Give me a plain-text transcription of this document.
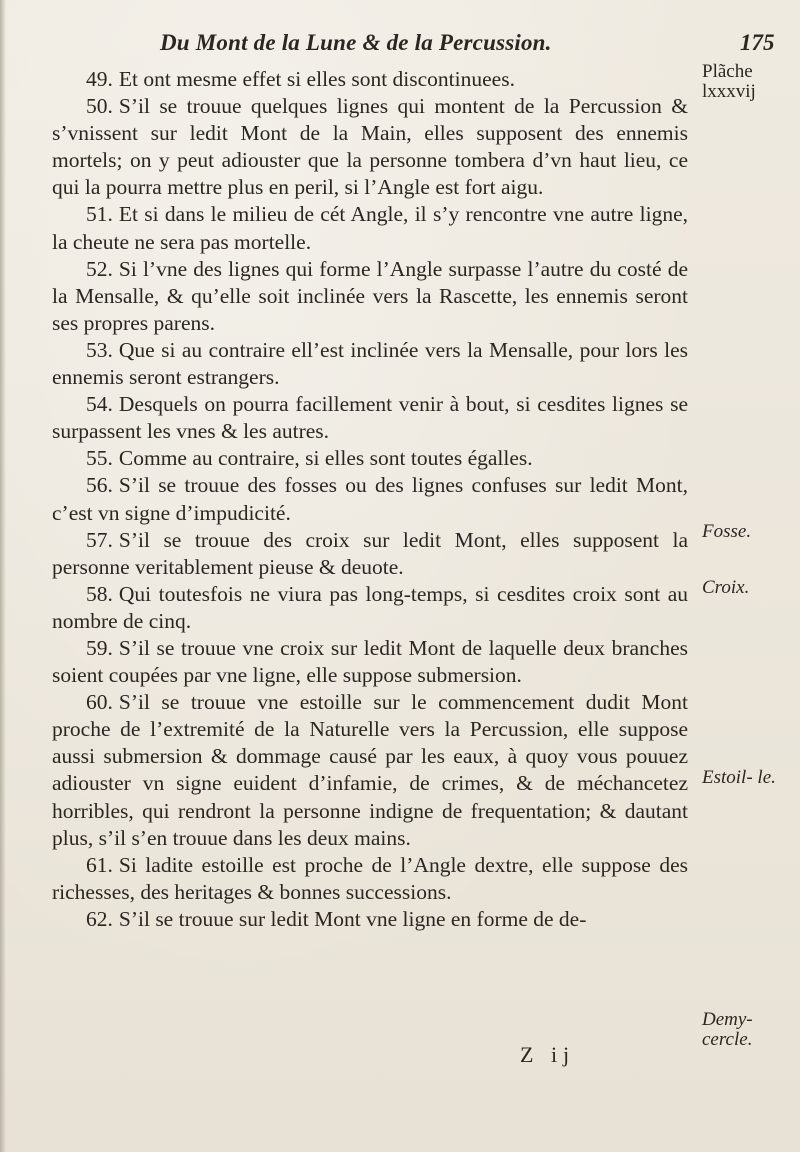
Du Mont de la Lune & de la Percussion.	175

49. Et ont mesme effet si elles sont discontinuees.

50. S’il se trouue quelques lignes qui montent de la Percussion & s’vnissent sur ledit Mont de la Main, elles supposent des ennemis mortels; on y peut adiouster que la personne tombera d’vn haut lieu, ce qui la pourra mettre plus en peril, si l’Angle est fort aigu.

51. Et si dans le milieu de cét Angle, il s’y rencontre vne autre ligne, la cheute ne sera pas mortelle.

52. Si l’vne des lignes qui forme l’Angle surpasse l’autre du costé de la Mensalle, & qu’elle soit inclinée vers la Rascette, les ennemis seront ses propres parens.

53. Que si au contraire ell’est inclinée vers la Mensalle, pour lors les ennemis seront estrangers.

54. Desquels on pourra facillement venir à bout, si cesdites lignes se surpassent les vnes & les autres.

55. Comme au contraire, si elles sont toutes égalles.

56. S’il se trouue des fosses ou des lignes confuses sur ledit Mont, c’est vn signe d’impudicité.

57. S’il se trouue des croix sur ledit Mont, elles supposent la personne veritablement pieuse & deuote.

58. Qui toutesfois ne viura pas long-temps, si cesdites croix sont au nombre de cinq.

59. S’il se trouue vne croix sur ledit Mont de laquelle deux branches soient coupées par vne ligne, elle suppose submersion.

60. S’il se trouue vne estoille sur le commencement dudit Mont proche de l’extremité de la Naturelle vers la Percussion, elle suppose aussi submersion & dommage causé par les eaux, à quoy vous pouuez adiouster vn signe euident d’infamie, de crimes, & de méchancetez horribles, qui rendront la personne indigne de frequentation; & dautant plus, s’il s’en trouue dans les deux mains.

61. Si ladite estoille est proche de l’Angle dextre, elle suppose des richesses, des heritages & bonnes successions.

62. S’il se trouue sur ledit Mont vne ligne en forme de de-

Plãche lxxxvij
Fosse.
Croix.
Estoil- le.
Demy- cercle.
Z ij
